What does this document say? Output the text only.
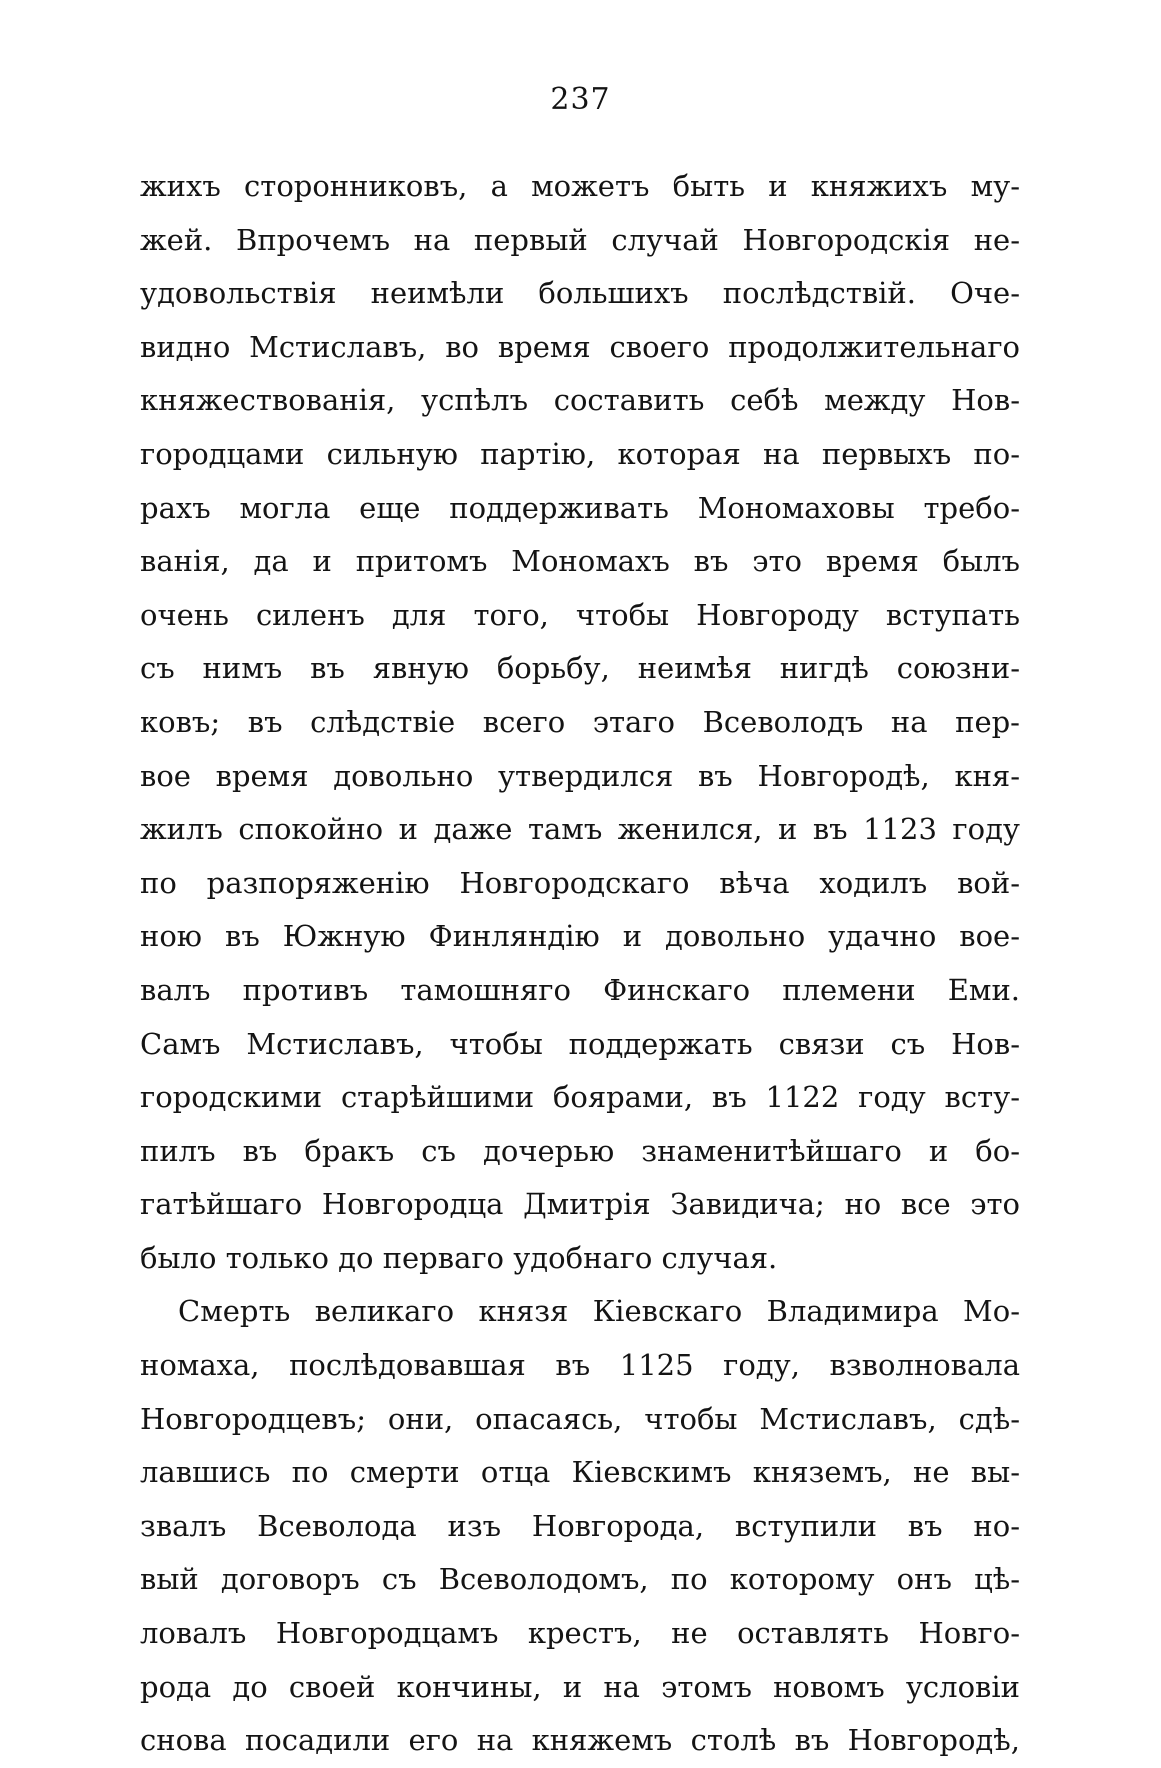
237
жихъ сторонниковъ, а можетъ быть и княжихъ му-
жей. Впрочемъ на первый случай Новгородскія не-
удовольствія неимѣли большихъ послѣдствій. Оче-
видно Мстиславъ, во время своего продолжительнаго
княжествованія, успѣлъ составить себѣ между Нов-
городцами сильную партію, которая на первыхъ по-
рахъ могла еще поддерживать Мономаховы требо-
ванія, да и притомъ Мономахъ въ это время былъ
очень силенъ для того, чтобы Новгороду вступать
съ нимъ въ явную борьбу, неимѣя нигдѣ союзни-
ковъ; въ слѣдствіе всего этаго Всеволодъ на пер-
вое время довольно утвердился въ Новгородѣ, кня-
жилъ спокойно и даже тамъ женился, и въ 1123 году
по разпоряженію Новгородскаго вѣча ходилъ вой-
ною въ Южную Финляндію и довольно удачно вое-
валъ противъ тамошняго Финскаго племени Еми.
Самъ Мстиславъ, чтобы поддержать связи съ Нов-
городскими старѣйшими боярами, въ 1122 году всту-
пилъ въ бракъ съ дочерью знаменитѣйшаго и бо-
гатѣйшаго Новгородца Дмитрія Завидича; но все это
было только до перваго удобнаго случая.
Смерть великаго князя Кіевскаго Владимира Мо-
номаха, послѣдовавшая въ 1125 году, взволновала
Новгородцевъ; они, опасаясь, чтобы Мстиславъ, сдѣ-
лавшись по смерти отца Кіевскимъ княземъ, не вы-
звалъ Всеволода изъ Новгорода, вступили въ но-
вый договоръ съ Всеволодомъ, по которому онъ цѣ-
ловалъ Новгородцамъ крестъ, не оставлять Новго-
рода до своей кончины, и на этомъ новомъ условіи
снова посадили его на княжемъ столѣ въ Новгородѣ,
